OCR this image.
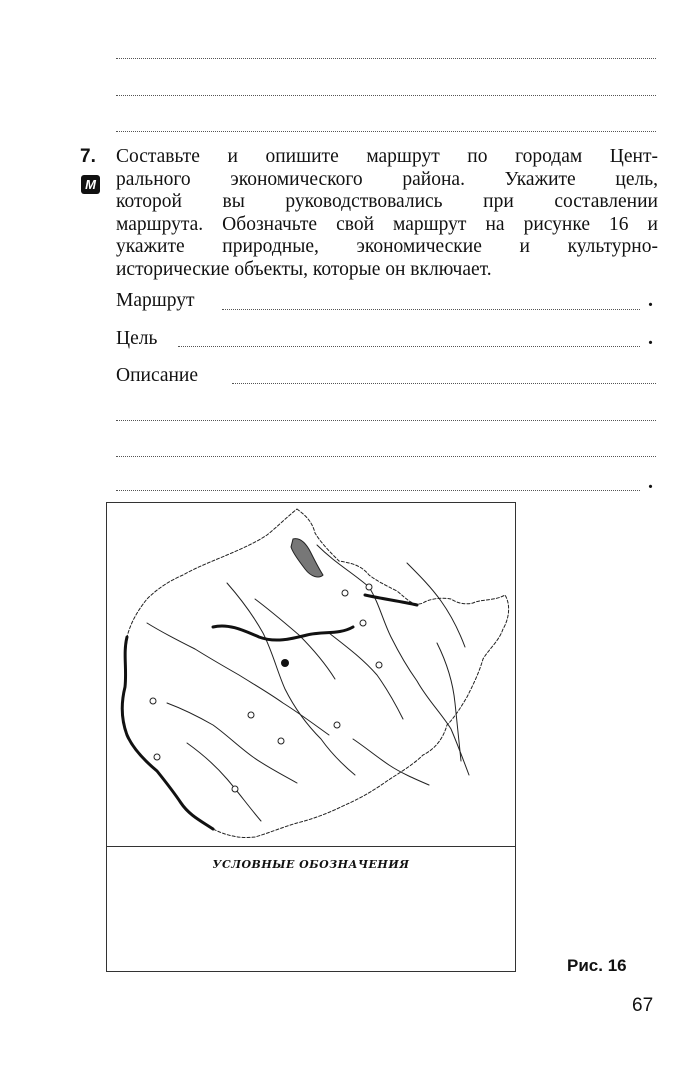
7.
М
Составьте и опишите маршрут по городам Цент-
рального экономического района. Укажите цель,
которой вы руководствовались при составлении
маршрута. Обозначьте свой маршрут на рисунке 16 и
укажите природные, экономические и культурно-
исторические объекты, которые он включает.
Маршрут	.
Цель	.
Описание
.
УСЛОВНЫЕ ОБОЗНАЧЕНИЯ
Рис. 16
67
